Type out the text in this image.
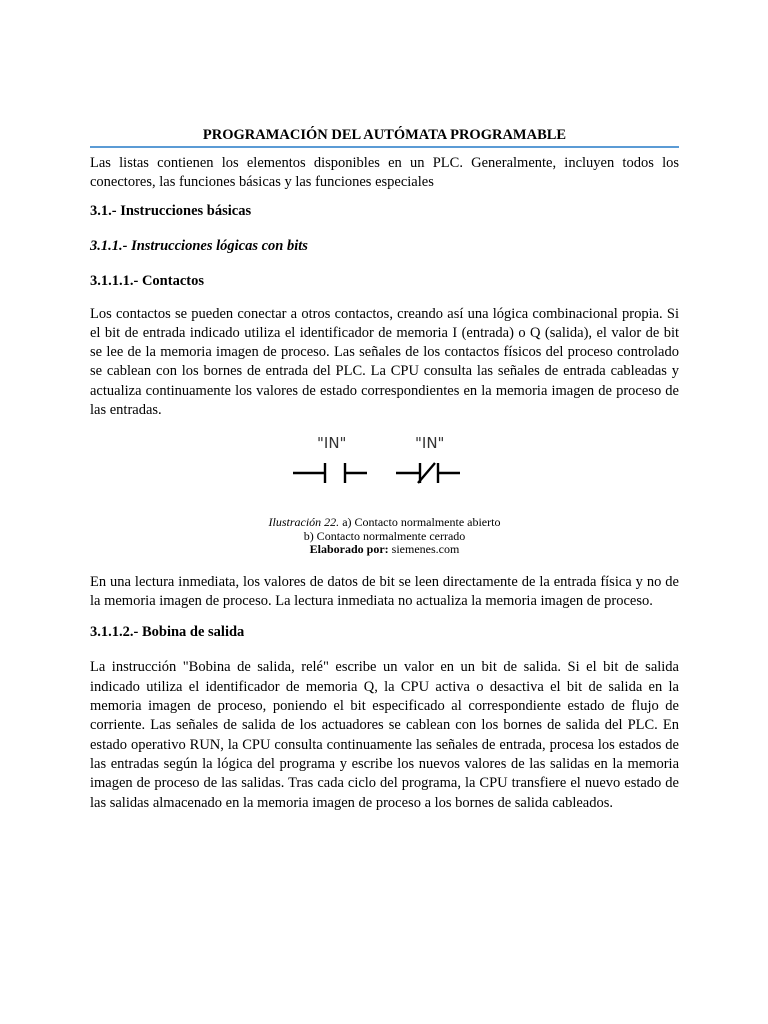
PROGRAMACIÓN DEL AUTÓMATA PROGRAMABLE

Las listas contienen los elementos disponibles en un PLC. Generalmente, incluyen todos los conectores, las funciones básicas y las funciones especiales

3.1.- Instrucciones básicas
3.1.1.- Instrucciones lógicas con bits
3.1.1.1.- Contactos

Los contactos se pueden conectar a otros contactos, creando así una lógica combinacional propia. Si el bit de entrada indicado utiliza el identificador de memoria I (entrada) o Q (salida), el valor de bit se lee de la memoria imagen de proceso. Las señales de los contactos físicos del proceso controlado se cablean con los bornes de entrada del PLC. La CPU consulta las señales de entrada cableadas y actualiza continuamente los valores de estado correspondientes en la memoria imagen de proceso de las entradas.

"IN"	"IN"
Ilustración 22. a) Contacto normalmente abierto
b) Contacto normalmente cerrado
Elaborado por: siemenes.com

En una lectura inmediata, los valores de datos de bit se leen directamente de la entrada física y no de la memoria imagen de proceso. La lectura inmediata no actualiza la memoria imagen de proceso.

3.1.1.2.- Bobina de salida

La instrucción "Bobina de salida, relé" escribe un valor en un bit de salida. Si el bit de salida indicado utiliza el identificador de memoria Q, la CPU activa o desactiva el bit de salida en la memoria imagen de proceso, poniendo el bit especificado al correspondiente estado de flujo de corriente. Las señales de salida de los actuadores se cablean con los bornes de salida del PLC. En estado operativo RUN, la CPU consulta continuamente las señales de entrada, procesa los estados de las entradas según la lógica del programa y escribe los nuevos valores de las salidas en la memoria imagen de proceso de las salidas. Tras cada ciclo del programa, la CPU transfiere el nuevo estado de las salidas almacenado en la memoria imagen de proceso a los bornes de salida cableados.
